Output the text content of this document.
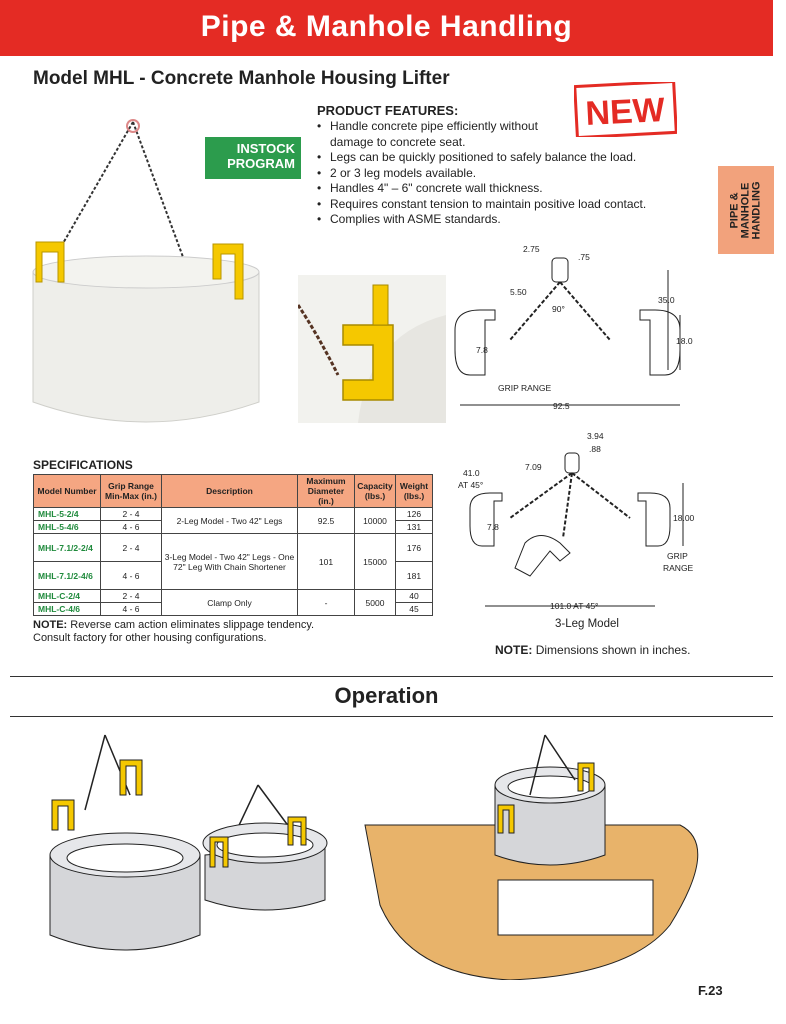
Pipe & Manhole Handling
Model MHL - Concrete Manhole Housing Lifter
PIPE &
MANHOLE
HANDLING
NEW
INSTOCK
PROGRAM
PRODUCT FEATURES:
• Handle concrete pipe efficiently without damage to concrete seat.
• Legs can be quickly positioned to safely balance the load.
• 2 or 3 leg models available.
• Handles 4" – 6" concrete wall thickness.
• Requires constant tension to maintain positive load contact.
• Complies with ASME standards.
2.75
.75
5.50
35.0
90°
18.0
7.8
GRIP RANGE
92.5
3.94
.88
7.09
41.0
AT 45°
18.00
7.8
GRIP
RANGE
101.0 AT 45°
SPECIFICATIONS
Model Number	Grip Range Min-Max (in.)	Description	Maximum Diameter (in.)	Capacity (lbs.)	Weight (lbs.)
MHL-5-2/4	2 - 4	2-Leg Model - Two 42" Legs	92.5	10000	126
MHL-5-4/6	4 - 6				131
MHL-7.1/2-2/4	2 - 4	3-Leg Model - Two 42" Legs - One 72" Leg With Chain Shortener	101	15000	176
MHL-7.1/2-4/6	4 - 6				181
MHL-C-2/4	2 - 4	Clamp Only	-	5000	40
MHL-C-4/6	4 - 6				45
NOTE: Reverse cam action eliminates slippage tendency.
Consult factory for other housing configurations.
3-Leg Model
NOTE: Dimensions shown in inches.
Operation
F.23
